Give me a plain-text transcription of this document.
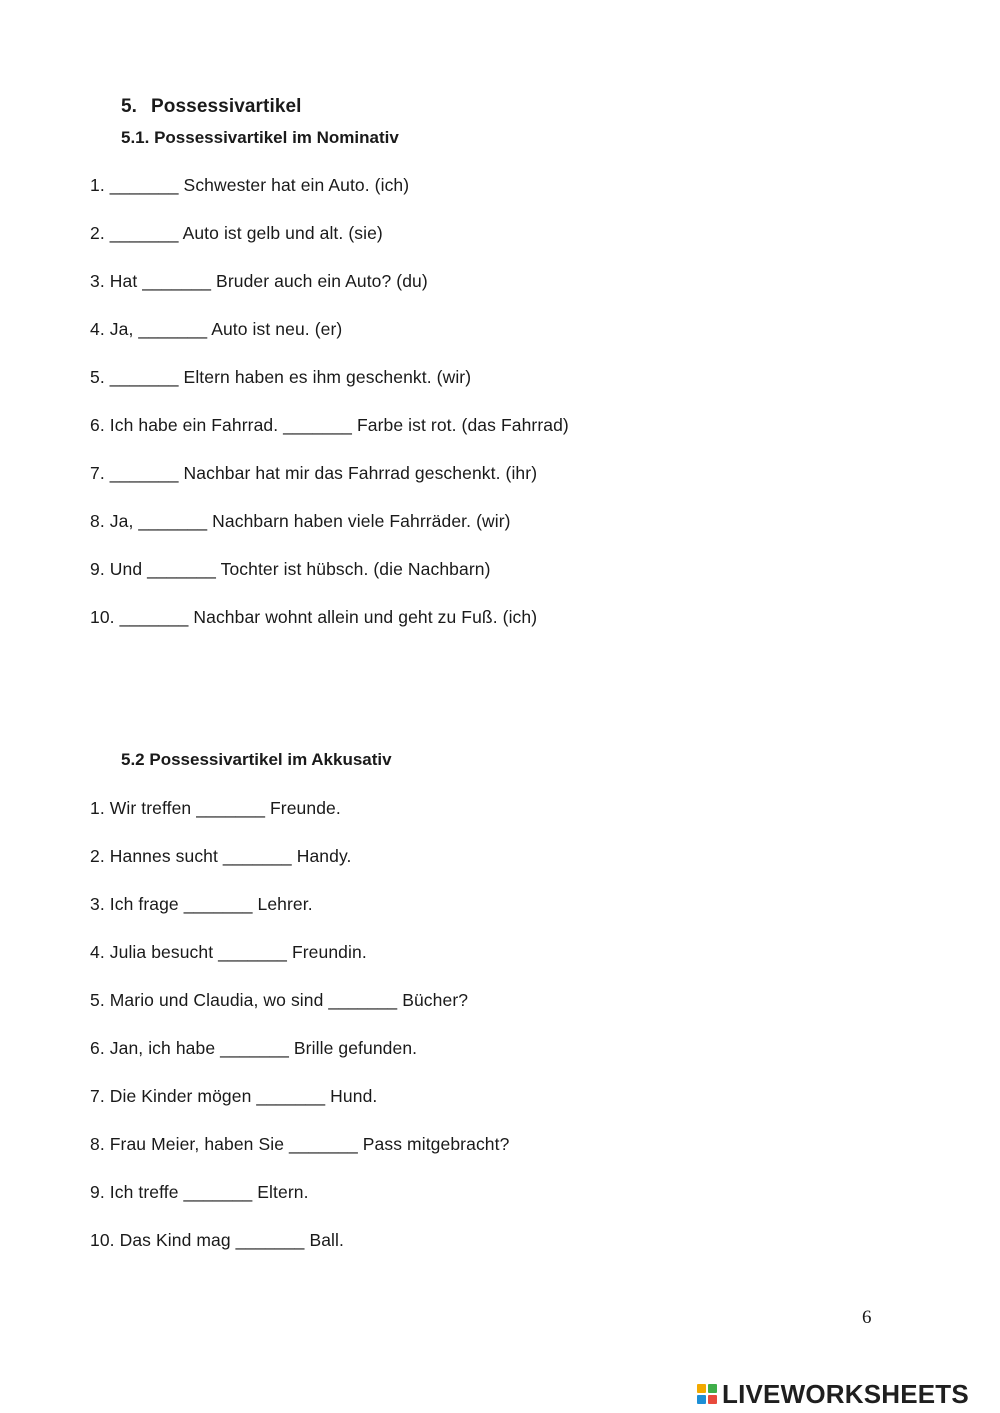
5. Possessivartikel
5.1. Possessivartikel im Nominativ
1. _______ Schwester hat ein Auto. (ich)
2. _______ Auto ist gelb und alt. (sie)
3. Hat _______ Bruder auch ein Auto? (du)
4. Ja, _______ Auto ist neu. (er)
5. _______ Eltern haben es ihm geschenkt. (wir)
6. Ich habe ein Fahrrad. _______ Farbe ist rot. (das Fahrrad)
7. _______ Nachbar hat mir das Fahrrad geschenkt. (ihr)
8. Ja, _______ Nachbarn haben viele Fahrräder. (wir)
9. Und _______ Tochter ist hübsch. (die Nachbarn)
10. _______ Nachbar wohnt allein und geht zu Fuß. (ich)
5.2 Possessivartikel im Akkusativ
1. Wir treffen _______ Freunde.
2. Hannes sucht _______ Handy.
3. Ich frage _______ Lehrer.
4. Julia besucht _______ Freundin.
5. Mario und Claudia, wo sind _______ Bücher?
6. Jan, ich habe _______ Brille gefunden.
7. Die Kinder mögen _______ Hund.
8. Frau Meier, haben Sie _______ Pass mitgebracht?
9. Ich treffe _______ Eltern.
10. Das Kind mag _______ Ball.
6
LIVEWORKSHEETS
